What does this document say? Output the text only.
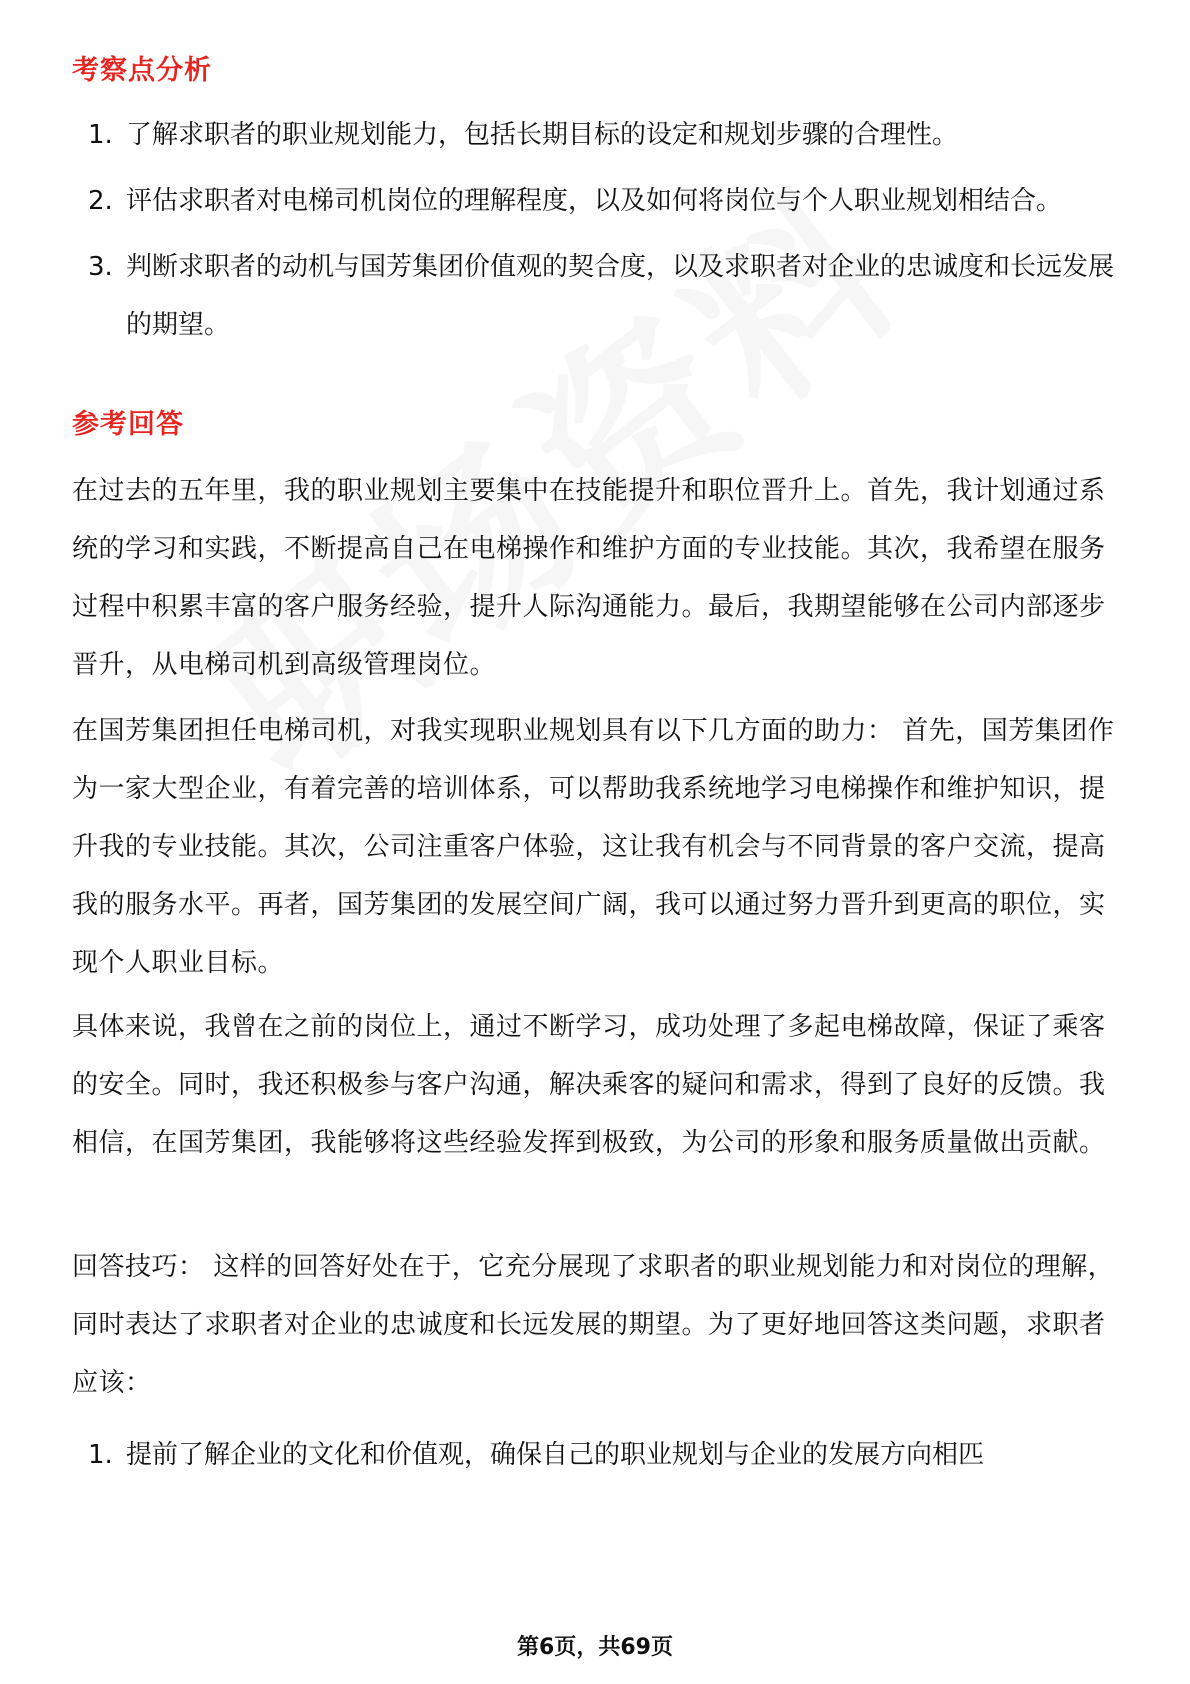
考察点分析
1. 了解求职者的职业规划能力，包括长期目标的设定和规划步骤的合理性。
2. 评估求职者对电梯司机岗位的理解程度，以及如何将岗位与个人职业规划相结合。
3. 判断求职者的动机与国芳集团价值观的契合度，以及求职者对企业的忠诚度和长远发展的期望。
参考回答

在过去的五年里，我的职业规划主要集中在技能提升和职位晋升上。首先，我计划通过系统的学习和实践，不断提高自己在电梯操作和维护方面的专业技能。其次，我希望在服务过程中积累丰富的客户服务经验，提升人际沟通能力。最后，我期望能够在公司内部逐步晋升，从电梯司机到高级管理岗位。

在国芳集团担任电梯司机，对我实现职业规划具有以下几方面的助力： 首先，国芳集团作为一家大型企业，有着完善的培训体系，可以帮助我系统地学习电梯操作和维护知识，提升我的专业技能。其次，公司注重客户体验，这让我有机会与不同背景的客户交流，提高我的服务水平。再者，国芳集团的发展空间广阔，我可以通过努力晋升到更高的职位，实现个人职业目标。

具体来说，我曾在之前的岗位上，通过不断学习，成功处理了多起电梯故障，保证了乘客的安全。同时，我还积极参与客户沟通，解决乘客的疑问和需求，得到了良好的反馈。我相信，在国芳集团，我能够将这些经验发挥到极致，为公司的形象和服务质量做出贡献。

回答技巧： 这样的回答好处在于，它充分展现了求职者的职业规划能力和对岗位的理解，同时表达了求职者对企业的忠诚度和长远发展的期望。为了更好地回答这类问题，求职者应该：

1. 提前了解企业的文化和价值观，确保自己的职业规划与企业的发展方向相匹
第6页，共69页
